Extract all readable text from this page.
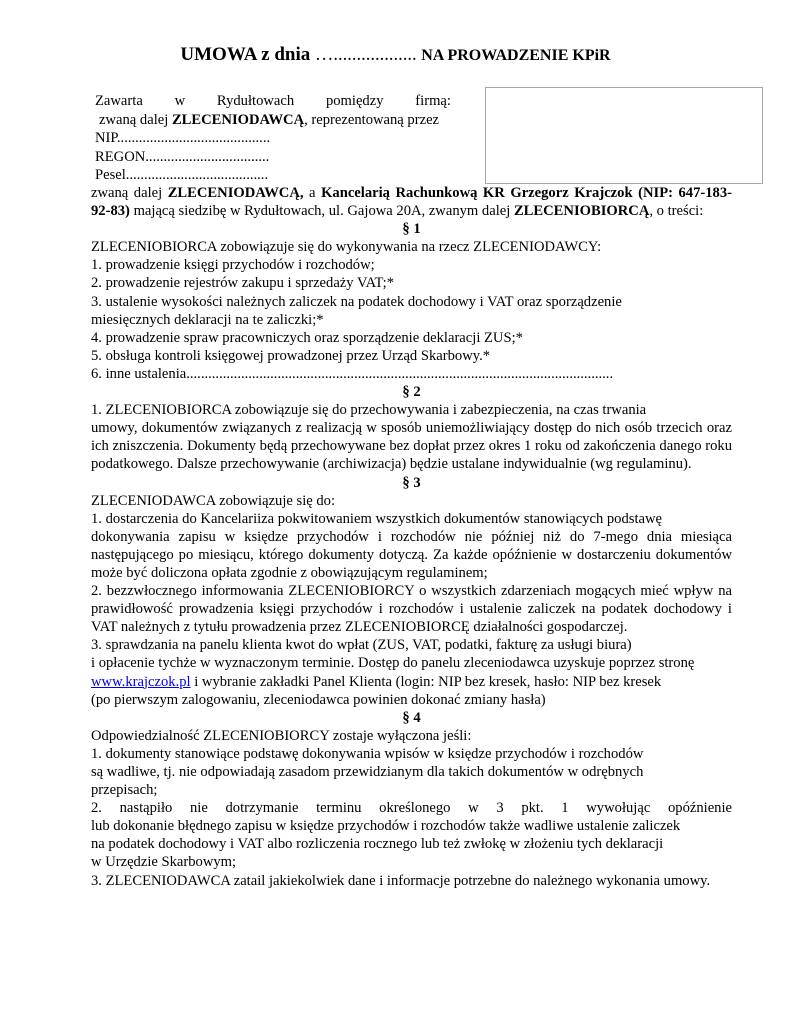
UMOWA z dnia ….................. NA PROWADZENIE KPiR
Zawarta w Rydułtowach pomiędzy firmą:
zwaną dalej ZLECENIODAWCĄ, reprezentowaną przez
NIP..........................................
REGON..................................
Pesel.......................................

zwaną dalej ZLECENIODAWCĄ, a Kancelarią Rachunkową KR Grzegorz Krajczok (NIP: 647-183-92-83) mającą siedzibę w Rydułtowach, ul. Gajowa 20A, zwanym dalej ZLECENIOBIORCĄ, o treści:

§ 1

ZLECENIOBIORCA zobowiązuje się do wykonywania na rzecz ZLECENIODAWCY:

1. prowadzenie księgi przychodów i rozchodów;

2. prowadzenie rejestrów zakupu i sprzedaży VAT;*

3. ustalenie wysokości należnych zaliczek na podatek dochodowy i VAT oraz sporządzenie

miesięcznych deklaracji na te zaliczki;*

4. prowadzenie spraw pracowniczych oraz sporządzenie deklaracji ZUS;*

5. obsługa kontroli księgowej prowadzonej przez Urząd Skarbowy.*

6. inne ustalenia.....................................................................................................................

§ 2

1. ZLECENIOBIORCA zobowiązuje się do przechowywania i zabezpieczenia, na czas trwania

umowy, dokumentów związanych z realizacją w sposób uniemożliwiający dostęp do nich osób trzecich oraz ich zniszczenia. Dokumenty będą przechowywane bez dopłat przez okres 1 roku od zakończenia danego roku podatkowego. Dalsze przechowywanie (archiwizacja) będzie ustalane indywidualnie (wg regulaminu).

§ 3

ZLECENIODAWCA zobowiązuje się do:

1. dostarczenia do Kancelariiza pokwitowaniem wszystkich dokumentów stanowiących podstawę

dokonywania zapisu w księdze przychodów i rozchodów nie później niż do 7-mego dnia miesiąca następującego po miesiącu, którego dokumenty dotyczą. Za każde opóźnienie w dostarczeniu dokumentów może być doliczona opłata zgodnie z obowiązującym regulaminem;

2. bezzwłocznego informowania ZLECENIOBIORCY o wszystkich zdarzeniach mogących mieć wpływ na prawidłowość prowadzenia księgi przychodów i rozchodów i ustalenie zaliczek na podatek dochodowy i VAT należnych z tytułu prowadzenia przez ZLECENIOBIORCĘ działalności gospodarczej.

3. sprawdzania na panelu klienta kwot do wpłat (ZUS, VAT, podatki, fakturę za usługi biura)

i opłacenie tychże w wyznaczonym terminie. Dostęp do panelu zleceniodawca uzyskuje poprzez stronę

www.krajczok.pl i wybranie zakładki Panel Klienta (login: NIP bez kresek, hasło: NIP bez kresek

(po pierwszym zalogowaniu, zleceniodawca powinien dokonać zmiany hasła)

§ 4

Odpowiedzialność ZLECENIOBIORCY zostaje wyłączona jeśli:

1. dokumenty stanowiące podstawę dokonywania wpisów w księdze przychodów i rozchodów

są wadliwe, tj. nie odpowiadają zasadom przewidzianym dla takich dokumentów w odrębnych

przepisach;

2. nastąpiło nie dotrzymanie terminu określonego w 3 pkt. 1 wywołując opóźnienie

lub dokonanie błędnego zapisu w księdze przychodów i rozchodów także wadliwe ustalenie zaliczek

na podatek dochodowy i VAT albo rozliczenia rocznego lub też zwłokę w złożeniu tych deklaracji

w Urzędzie Skarbowym;

3. ZLECENIODAWCA zatail jakiekolwiek dane i informacje potrzebne do należnego wykonania umowy.
